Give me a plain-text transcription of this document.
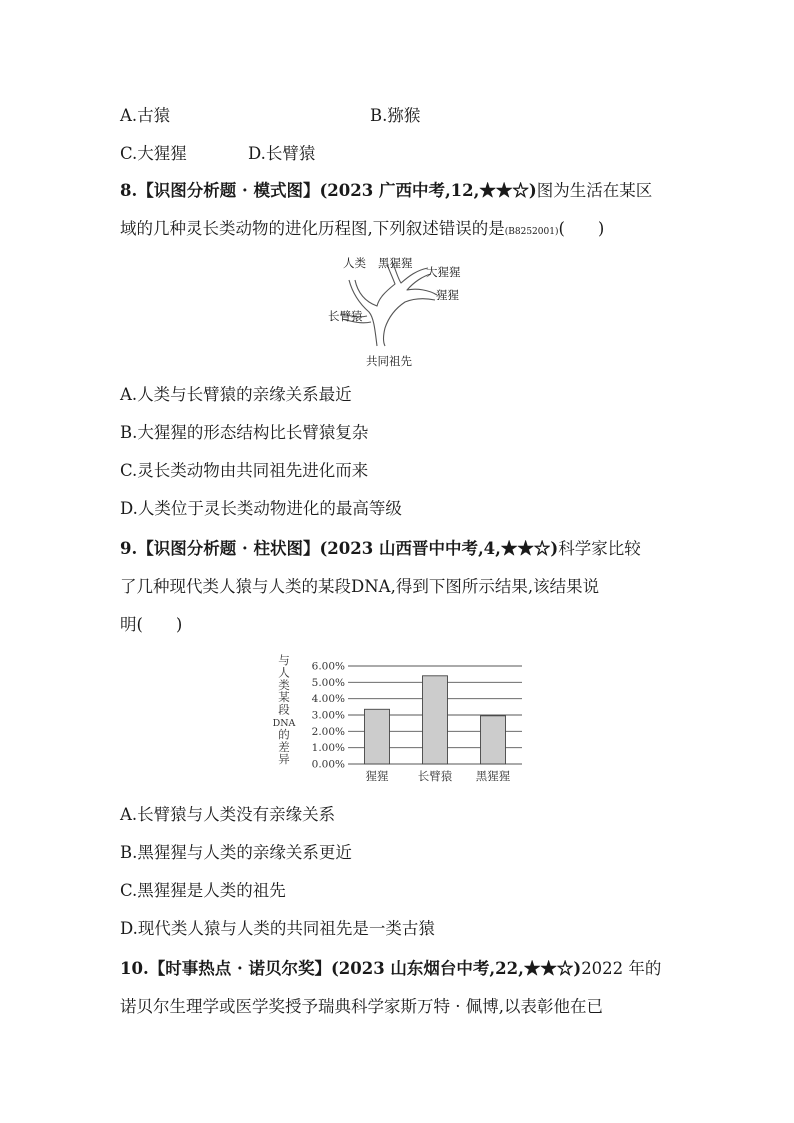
A.古猿	B.猕猴
C.大猩猩	D.长臂猿
8.【识图分析题 · 模式图】(2023 广西中考,12,★★☆)图为生活在某区
域的几种灵长类动物的进化历程图,下列叙述错误的是(B8252001)(　　)
人类 黑猩猩
大猩猩
猩猩
长臂猿
共同祖先
A.人类与长臂猿的亲缘关系最近
B.大猩猩的形态结构比长臂猿复杂
C.灵长类动物由共同祖先进化而来
D.人类位于灵长类动物进化的最高等级
9.【识图分析题 · 柱状图】(2023 山西晋中中考,4,★★☆)科学家比较
了几种现代类人猿与人类的某段DNA,得到下图所示结果,该结果说
明(　　)
与
人
类
某
段
DNA
的
差
异 0.00%
1.00%
2.00%
3.00%
4.00%
5.00%
6.00%
猩猩	长臂猿 黑猩猩
A.长臂猿与人类没有亲缘关系
B.黑猩猩与人类的亲缘关系更近
C.黑猩猩是人类的祖先
D.现代类人猿与人类的共同祖先是一类古猿
10.【时事热点 · 诺贝尔奖】(2023 山东烟台中考,22,★★☆)2022 年的
诺贝尔生理学或医学奖授予瑞典科学家斯万特 · 佩博,以表彰他在已
